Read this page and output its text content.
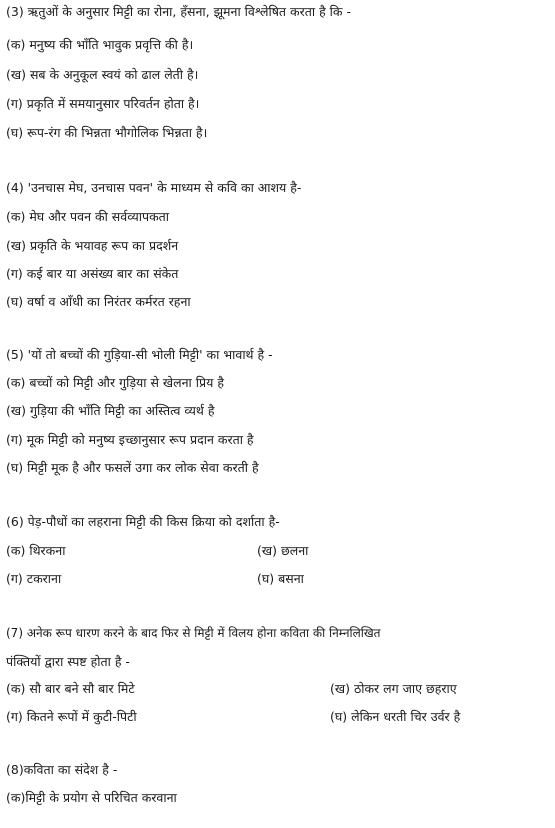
(3) ऋतुओं के अनुसार मिट्टी का रोना, हँसना, झूमना विश्लेषित करता है कि -
(क) मनुष्य की भाँति भावुक प्रवृत्ति की है।
(ख) सब के अनुकूल स्वयं को ढाल लेती है।
(ग) प्रकृति में समयानुसार परिवर्तन होता है।
(घ) रूप-रंग की भिन्नता भौगोलिक भिन्नता है।
(4) 'उनचास मेघ, उनचास पवन' के माध्यम से कवि का आशय है-
(क) मेघ और पवन की सर्वव्यापकता
(ख) प्रकृति के भयावह रूप का प्रदर्शन
(ग) कई बार या असंख्य बार का संकेत
(घ) वर्षा व आँधी का निरंतर कर्मरत रहना
(5) 'यों तो बच्चों की गुड़िया-सी भोली मिट्टी' का भावार्थ है -
(क) बच्चों को मिट्टी और गुड़िया से खेलना प्रिय है
(ख) गुड़िया की भाँति मिट्टी का अस्तित्व व्यर्थ है
(ग) मूक मिट्टी को मनुष्य इच्छानुसार रूप प्रदान करता है
(घ) मिट्टी मूक है और फसलें उगा कर लोक सेवा करती है
(6) पेड़-पौधों का लहराना मिट्टी की किस क्रिया को दर्शाता है-
(क) थिरकना	(ख) छलना
(ग) टकराना	(घ) बसना
(7) अनेक रूप धारण करने के बाद फिर से मिट्टी में विलय होना कविता की निम्नलिखित
पंक्तियों द्वारा स्पष्ट होता है -
(क) सौ बार बने सौ बार मिटे	(ख) ठोकर लग जाए छहराए
(ग) कितने रूपों में कुटी-पिटी	(घ) लेकिन धरती चिर उर्वर है
(8)कविता का संदेश है -
(क)मिट्टी के प्रयोग से परिचित करवाना
